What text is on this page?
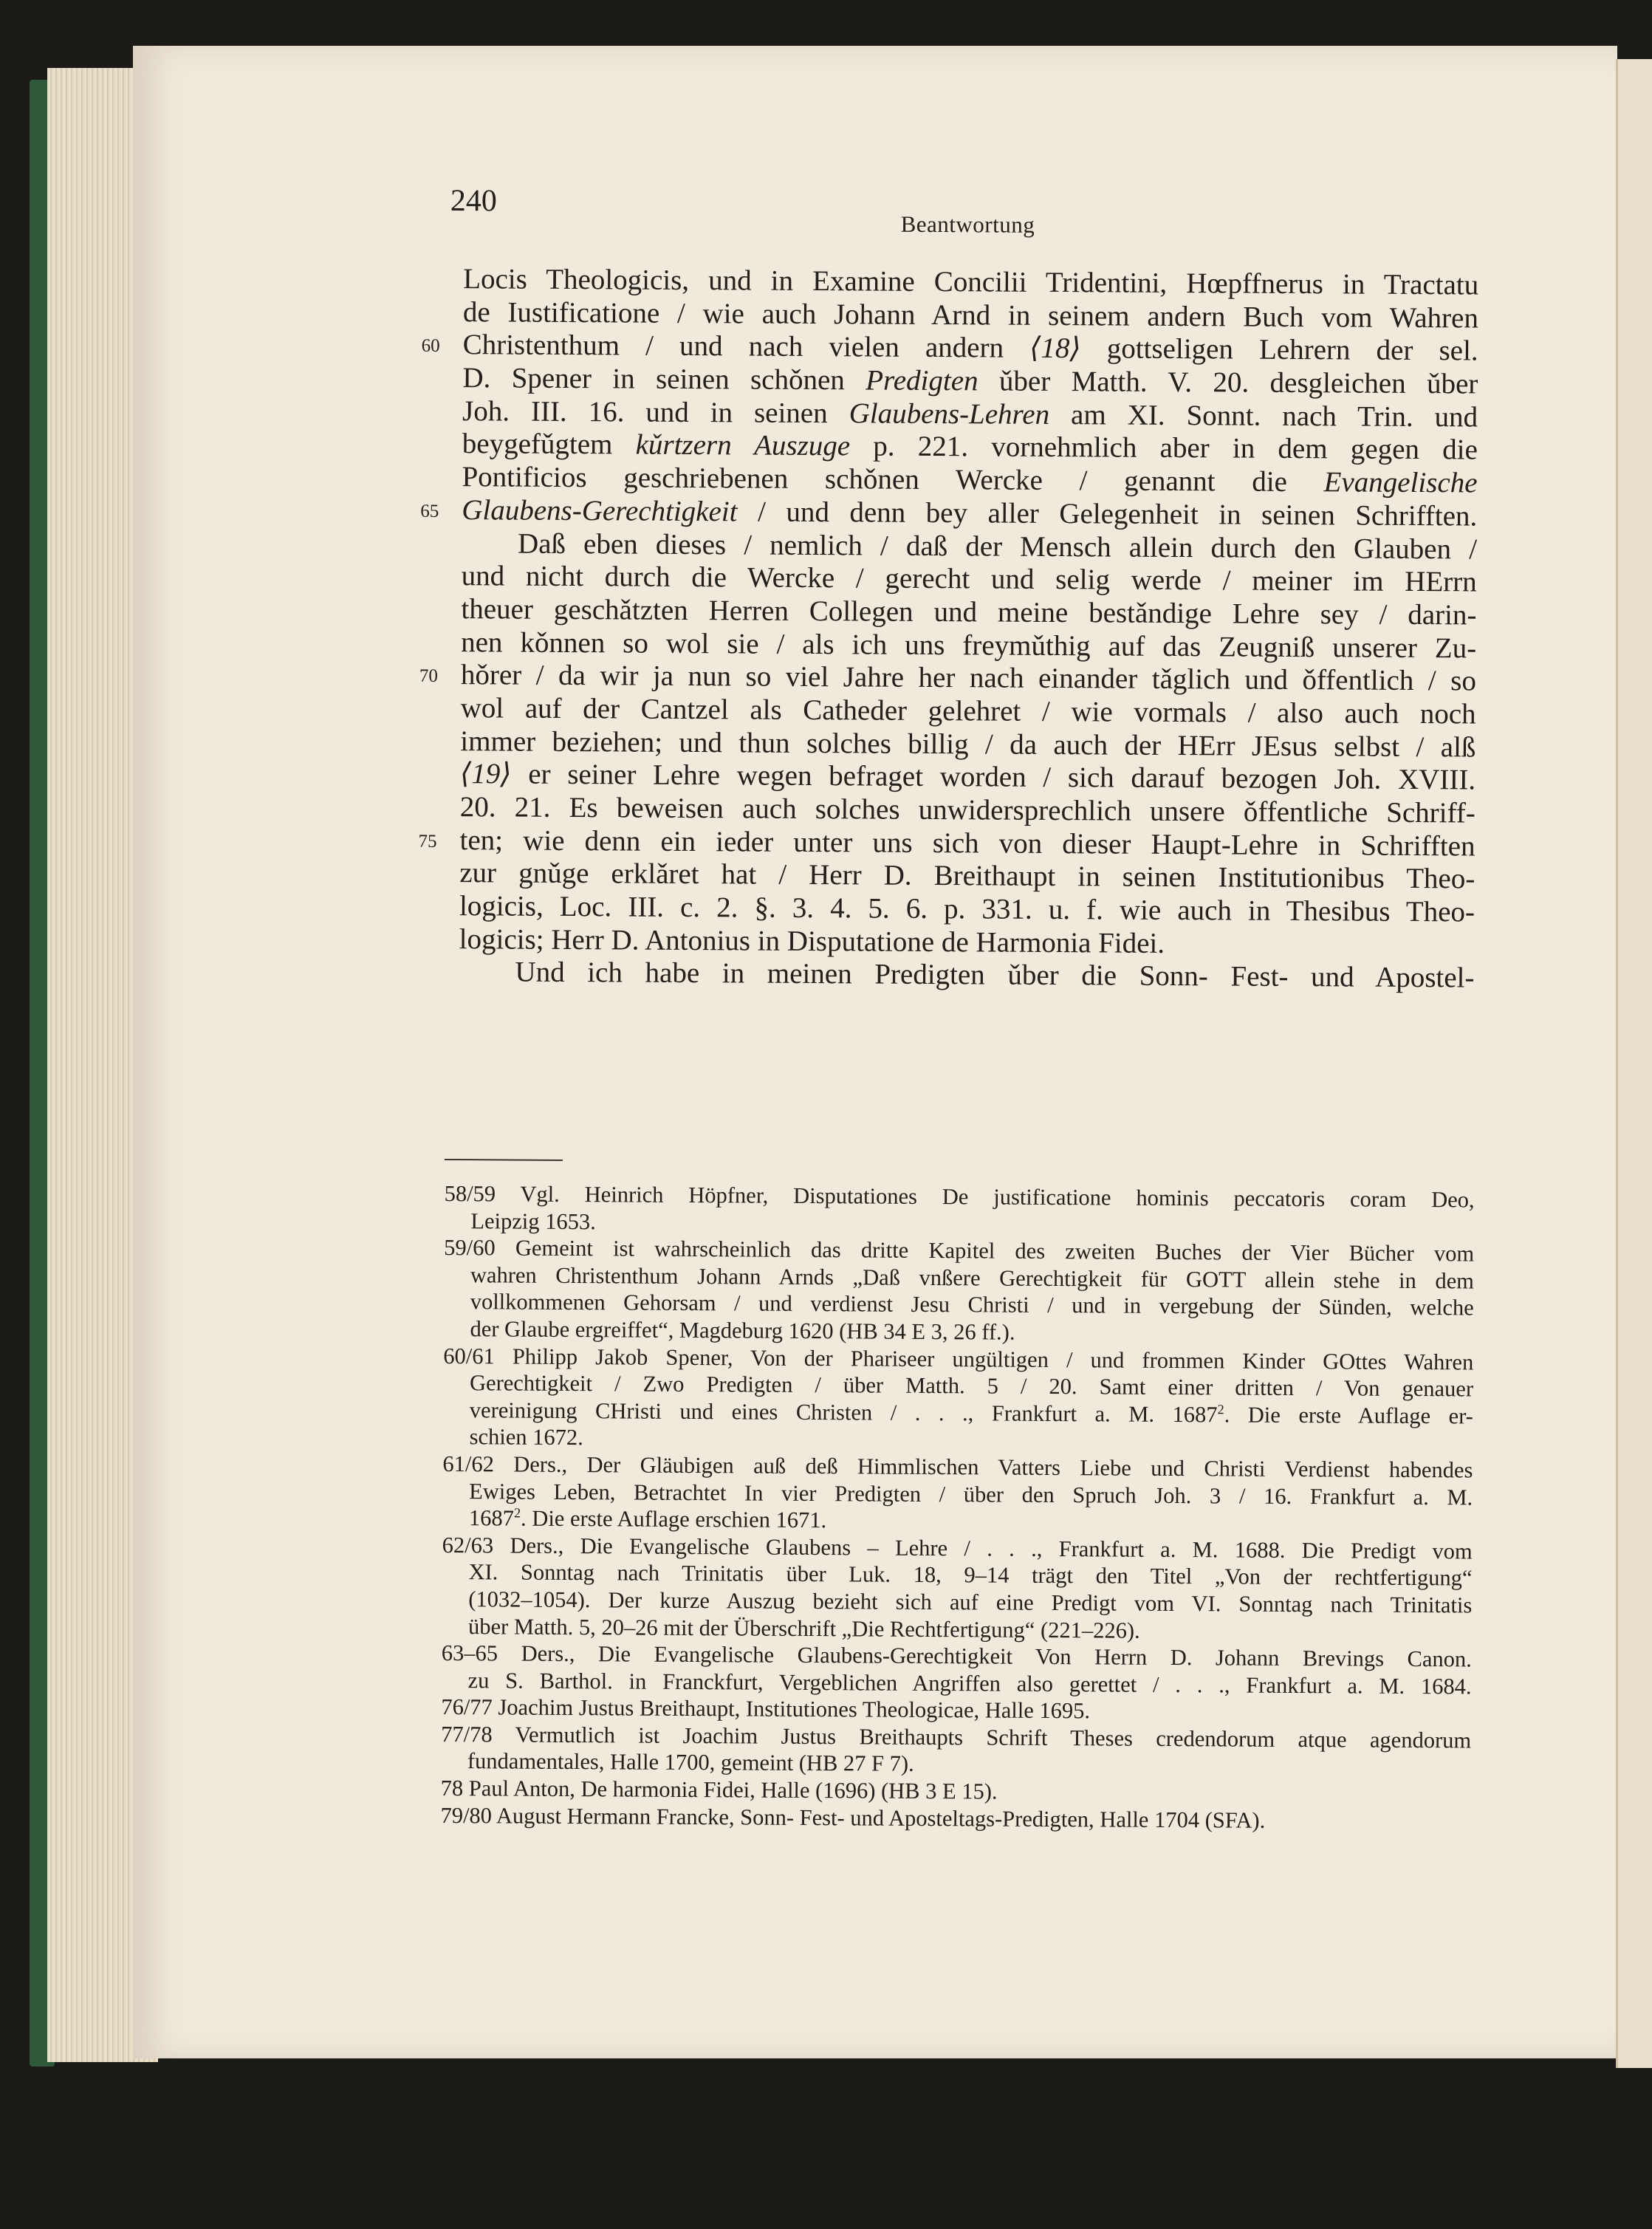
240
Beantwortung
Locis Theologicis, und in Examine Concilii Tridentini, Hœpffnerus in Tractatu
de Iustificatione / wie auch Johann Arnd in seinem andern Buch vom Wahren
60 Christenthum / und nach vielen andern ⟨18⟩ gottseligen Lehrern der sel.
D. Spener in seinen schǒnen Predigten ǔber Matth. V. 20. desgleichen ǔber
Joh. III. 16. und in seinen Glaubens-Lehren am XI. Sonnt. nach Trin. und
beygefǔgtem kǔrtzern Auszuge p. 221. vornehmlich aber in dem gegen die
Pontificios geschriebenen schǒnen Wercke / genannt die Evangelische
65 Glaubens-Gerechtigkeit / und denn bey aller Gelegenheit in seinen Schrifften.
Daß eben dieses / nemlich / daß der Mensch allein durch den Glauben /
und nicht durch die Wercke / gerecht und selig werde / meiner im HErrn
theuer geschǎtzten Herren Collegen und meine bestǎndige Lehre sey / darin-
nen kǒnnen so wol sie / als ich uns freymǔthig auf das Zeugniß unserer Zu-
70 hǒrer / da wir ja nun so viel Jahre her nach einander tǎglich und ǒffentlich / so
wol auf der Cantzel als Catheder gelehret / wie vormals / also auch noch
immer beziehen; und thun solches billig / da auch der HErr JEsus selbst / alß
⟨19⟩ er seiner Lehre wegen befraget worden / sich darauf bezogen Joh. XVIII.
20. 21. Es beweisen auch solches unwidersprechlich unsere ǒffentliche Schriff-
75 ten; wie denn ein ieder unter uns sich von dieser Haupt-Lehre in Schrifften
zur gnǔge erklǎret hat / Herr D. Breithaupt in seinen Institutionibus Theo-
logicis, Loc. III. c. 2. §. 3. 4. 5. 6. p. 331. u. f. wie auch in Thesibus Theo-
logicis; Herr D. Antonius in Disputatione de Harmonia Fidei.
Und ich habe in meinen Predigten ǔber die Sonn- Fest- und Apostel-
58/59 Vgl. Heinrich Höpfner, Disputationes De justificatione hominis peccatoris coram Deo,
Leipzig 1653.
59/60 Gemeint ist wahrscheinlich das dritte Kapitel des zweiten Buches der Vier Bücher vom
wahren Christenthum Johann Arnds „Daß vnßere Gerechtigkeit für GOTT allein stehe in dem
vollkommenen Gehorsam / und verdienst Jesu Christi / und in vergebung der Sünden, welche
der Glaube ergreiffet“, Magdeburg 1620 (HB 34 E 3, 26 ff.).
60/61 Philipp Jakob Spener, Von der Phariseer ungültigen / und frommen Kinder GOttes Wahren
Gerechtigkeit / Zwo Predigten / über Matth. 5 / 20. Samt einer dritten / Von genauer
vereinigung CHristi und eines Christen / . . ., Frankfurt a. M. 1687$^2$. Die erste Auflage er-
schien 1672.
61/62 Ders., Der Gläubigen auß deß Himmlischen Vatters Liebe und Christi Verdienst habendes
Ewiges Leben, Betrachtet In vier Predigten / über den Spruch Joh. 3 / 16. Frankfurt a. M.
1687$^2$. Die erste Auflage erschien 1671.
62/63 Ders., Die Evangelische Glaubens – Lehre / . . ., Frankfurt a. M. 1688. Die Predigt vom
XI. Sonntag nach Trinitatis über Luk. 18, 9–14 trägt den Titel „Von der rechtfertigung“
(1032–1054). Der kurze Auszug bezieht sich auf eine Predigt vom VI. Sonntag nach Trinitatis
über Matth. 5, 20–26 mit der Überschrift „Die Rechtfertigung“ (221–226).
63–65 Ders., Die Evangelische Glaubens-Gerechtigkeit Von Herrn D. Johann Brevings Canon.
zu S. Barthol. in Franckfurt, Vergeblichen Angriffen also gerettet / . . ., Frankfurt a. M. 1684.
76/77 Joachim Justus Breithaupt, Institutiones Theologicae, Halle 1695.
77/78 Vermutlich ist Joachim Justus Breithaupts Schrift Theses credendorum atque agendorum
fundamentales, Halle 1700, gemeint (HB 27 F 7).
78 Paul Anton, De harmonia Fidei, Halle (1696) (HB 3 E 15).
79/80 August Hermann Francke, Sonn- Fest- und Aposteltags-Predigten, Halle 1704 (SFA).
